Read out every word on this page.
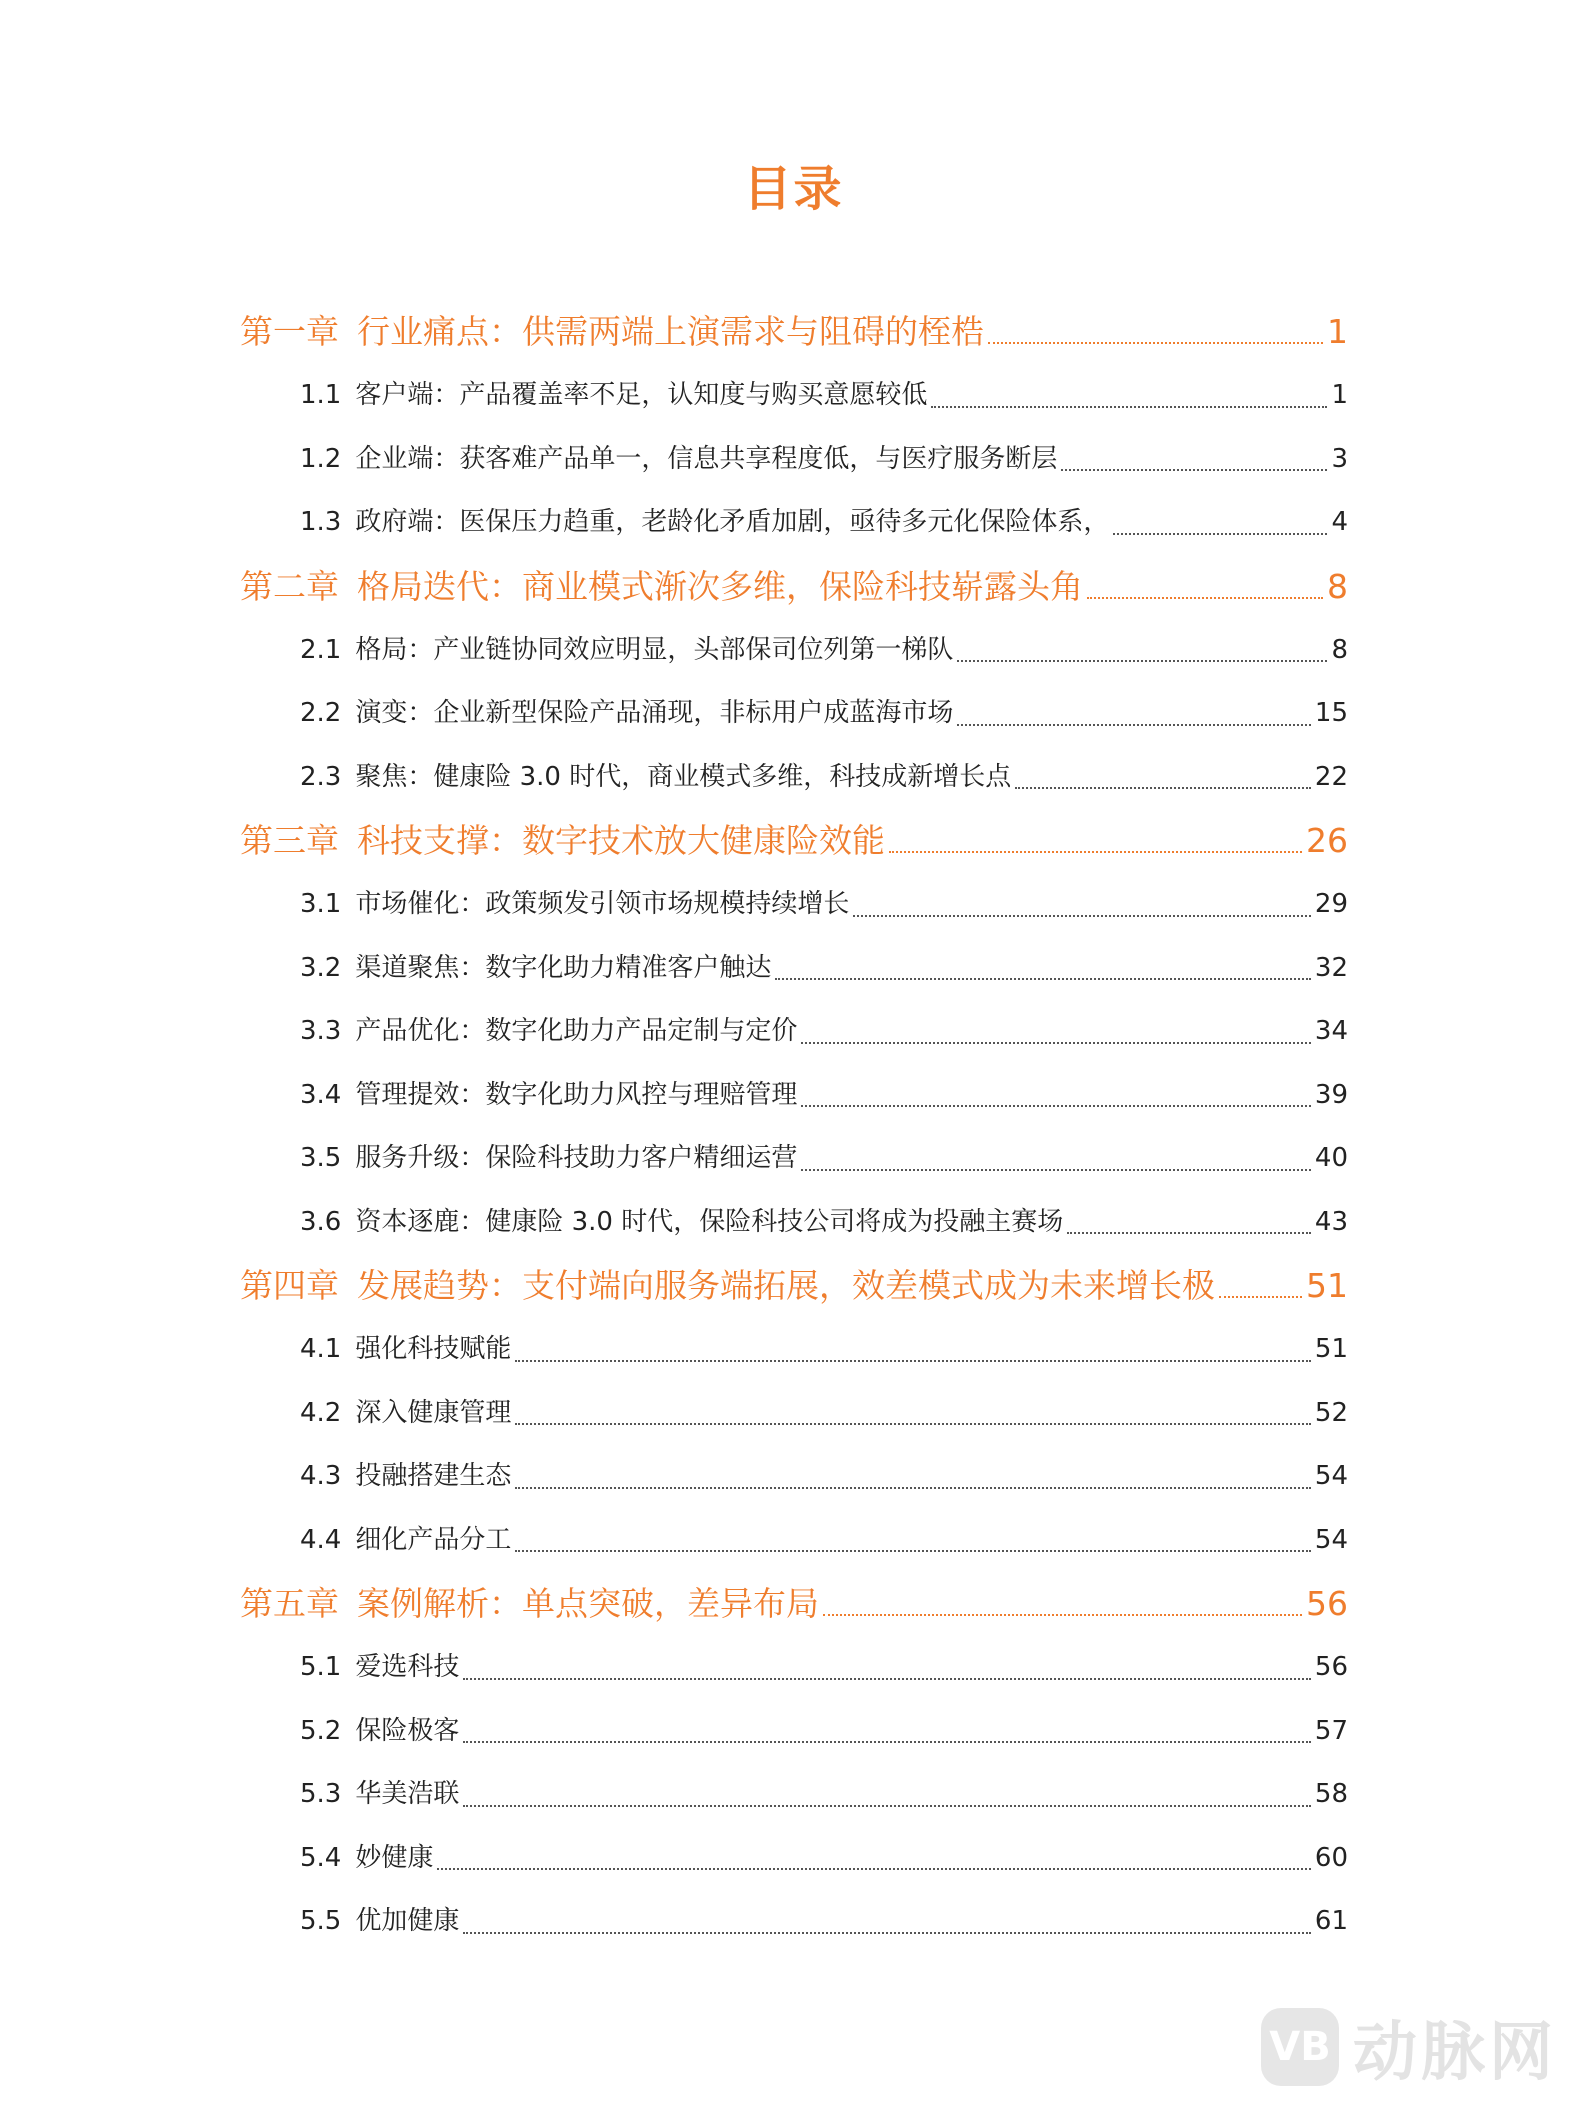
目录
第一章 行业痛点：供需两端上演需求与阻碍的桎梏	1
1.1 客户端：产品覆盖率不足，认知度与购买意愿较低	1
1.2 企业端：获客难产品单一，信息共享程度低，与医疗服务断层	3
1.3 政府端：医保压力趋重，老龄化矛盾加剧，亟待多元化保险体系，	4
第二章 格局迭代：商业模式渐次多维，保险科技崭露头角	8
2.1 格局：产业链协同效应明显，头部保司位列第一梯队	8
2.2 演变：企业新型保险产品涌现，非标用户成蓝海市场	15
2.3 聚焦：健康险 3.0 时代，商业模式多维，科技成新增长点	22
第三章 科技支撑：数字技术放大健康险效能	26
3.1 市场催化：政策频发引领市场规模持续增长	29
3.2 渠道聚焦：数字化助力精准客户触达	32
3.3 产品优化：数字化助力产品定制与定价	34
3.4 管理提效：数字化助力风控与理赔管理	39
3.5 服务升级：保险科技助力客户精细运营	40
3.6 资本逐鹿：健康险 3.0 时代，保险科技公司将成为投融主赛场	43
第四章 发展趋势：支付端向服务端拓展，效差模式成为未来增长极	51
4.1 强化科技赋能	51
4.2 深入健康管理	52
4.3 投融搭建生态	54
4.4 细化产品分工	54
第五章 案例解析：单点突破，差异布局	56
5.1 爱选科技	56
5.2 保险极客	57
5.3 华美浩联	58
5.4 妙健康	60
5.5 优加健康	61
VB 动脉网
